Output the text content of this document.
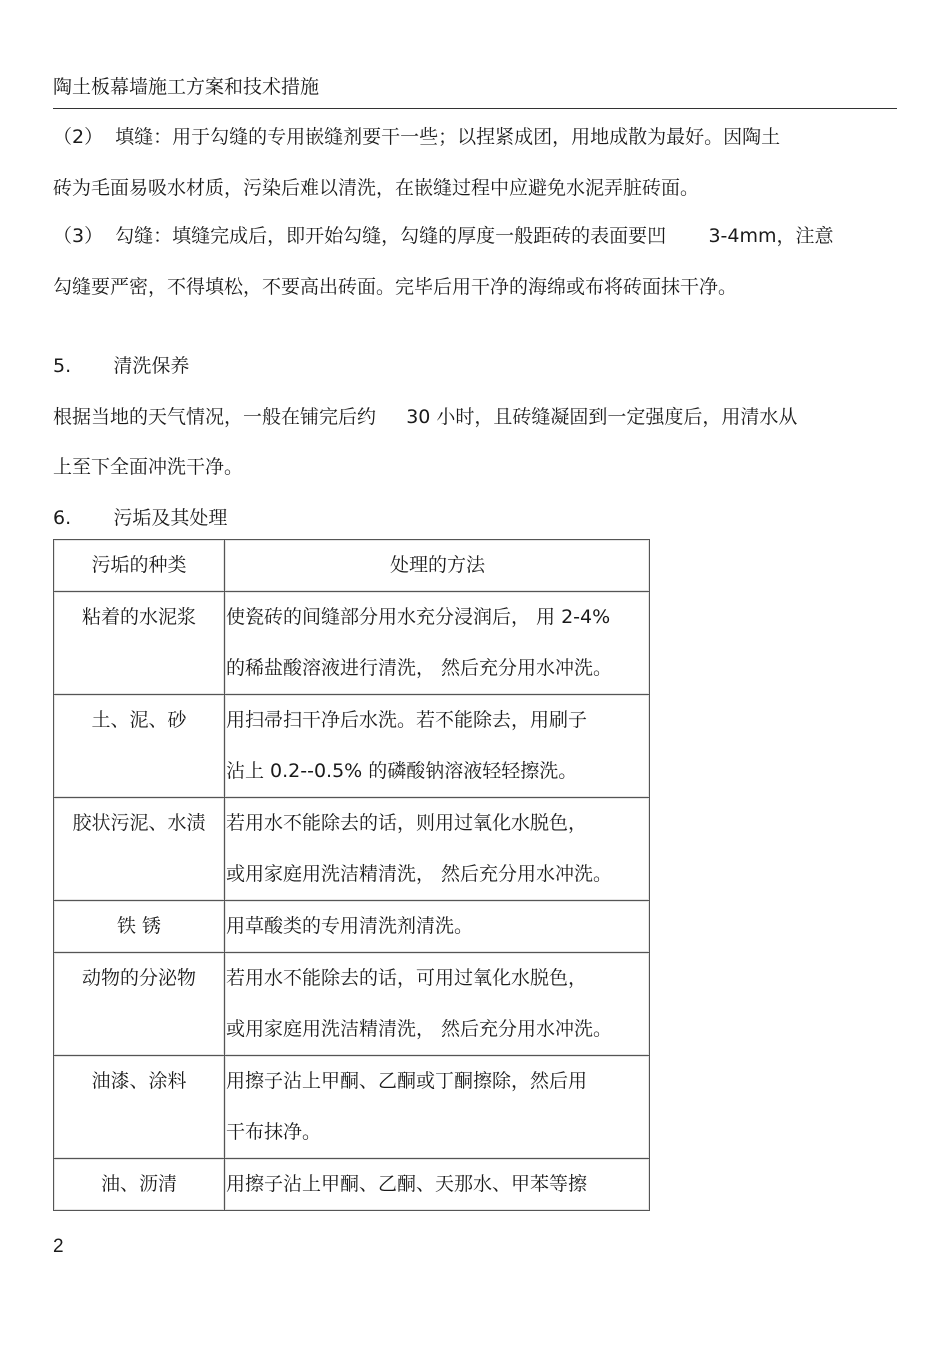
陶土板幕墙施工方案和技术措施
（2）  填缝：用于勾缝的专用嵌缝剂要干一些；以捏紧成团，用地成散为最好。因陶土
砖为毛面易吸水材质，污染后难以清洗，在嵌缝过程中应避免水泥弄脏砖面。
（3）  勾缝：填缝完成后，即开始勾缝，勾缝的厚度一般距砖的表面要凹       3-4mm，注意
勾缝要严密，不得填松，不要高出砖面。完毕后用干净的海绵或布将砖面抹干净。
5.       清洗保养
根据当地的天气情况，一般在铺完后约     30 小时，且砖缝凝固到一定强度后，用清水从
上至下全面冲洗干净。
6.       污垢及其处理
污垢的种类	处理的方法
粘着的水泥浆	使瓷砖的间缝部分用水充分浸润后， 用 2-4%
的稀盐酸溶液进行清洗， 然后充分用水冲洗。

土、泥、砂	用扫帚扫干净后水洗。若不能除去，用刷子
沾上 0.2--0.5% 的磷酸钠溶液轻轻擦洗。

胶状污泥、水渍	若用水不能除去的话，则用过氧化水脱色，
或用家庭用洗洁精清洗， 然后充分用水冲洗。

铁 锈	用草酸类的专用清洗剂清洗。

动物的分泌物	若用水不能除去的话，可用过氧化水脱色，
或用家庭用洗洁精清洗， 然后充分用水冲洗。

油漆、涂料	用擦子沾上甲酮、乙酮或丁酮擦除，然后用
干布抹净。

油、沥清	用擦子沾上甲酮、乙酮、天那水、甲苯等擦
2
